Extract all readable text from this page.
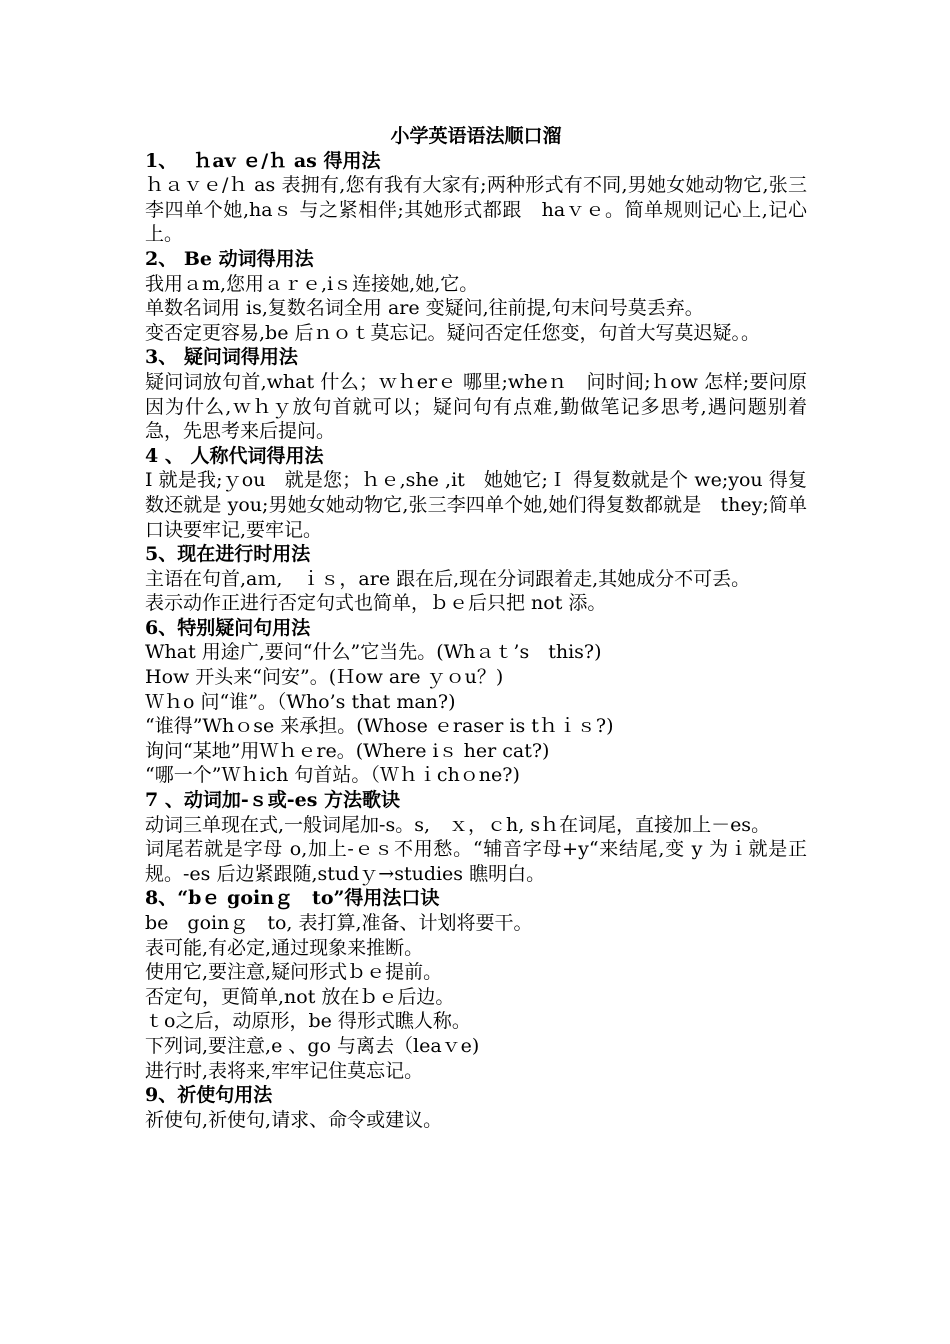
小学英语语法顺口溜

1、　 ｈav ｅ/ｈ as 得用法

ｈａｖｅ/ｈ as 表拥有,您有我有大家有;两种形式有不同,男她女她动物它,张三李四单个她,haｓ 与之紧相伴;其她形式都跟　haｖｅ。简单规则记心上,记心上。

2、 Be 动词得用法

我用ａm,您用ａｒｅ,iｓ连接她,她,它。

单数名词用 is,复数名词全用 are 变疑问,往前提,句末问号莫丢弃。

变否定更容易,be 后ｎｏｔ莫忘记。疑问否定任您变，句首大写莫迟疑。。

3、 疑问词得用法

疑问词放句首,what 什么；ｗｈerｅ 哪里;wheｎ　问时间;ｈow 怎样;要问原因为什么,ｗｈｙ放句首就可以；疑问句有点难,勤做笔记多思考,遇问题别着急，先思考来后提问。

4 、 人称代词得用法

I 就是我;ｙou　就是您；ｈｅ,she ,it　她她它;Ｉ 得复数就是个 we;you 得复数还就是 you;男她女她动物它,张三李四单个她,她们得复数都就是　they;简单口诀要牢记,要牢记。

5、现在进行时用法

主语在句首,aｍ,　ｉｓ，are 跟在后,现在分词跟着走,其她成分不可丢。

表示动作正进行否定句式也简单，ｂｅ后只把 not 添。

6、特别疑问句用法

What 用途广,要问“什么”它当先。(Whａｔ’s　this?)

How 开头来“问安”。(Ｈow are ｙｏu？)

Ｗｈo 问“谁”。（Who’s that man?)

“谁得”Whｏse 来承担。(Whose ｅraser is tｈｉｓ?)

询问“某地”用Ｗｈｅre。(Where iｓ her cat?)

“哪一个”Ｗｈich 句首站。（Ｗｈｉchｏne?)

7 、动词加-ｓ或-es 方法歌诀

动词三单现在式,一般词尾加-s。s,　ｘ，ｃh, sｈ在词尾，直接加上－es。

词尾若就是字母 o,加上-ｅｓ不用愁。“辅音字母+y“来结尾,变 y 为ｉ就是正规。-es 后边紧跟随,studｙ→studies 瞧明白。

8、“bｅ goinｇ　to”得用法口诀

be　goinｇ　to, 表打算,准备、计划将要干。

表可能,有必定,通过现象来推断。

使用它,要注意,疑问形式ｂｅ提前。

否定句，更简单,not 放在ｂｅ后边。

ｔo之后，动原形，be 得形式瞧人称。

下列词,要注意,e 、go 与离去（leaｖe)

进行时,表将来,牢牢记住莫忘记。

9、祈使句用法

祈使句,祈使句,请求、命令或建议。
